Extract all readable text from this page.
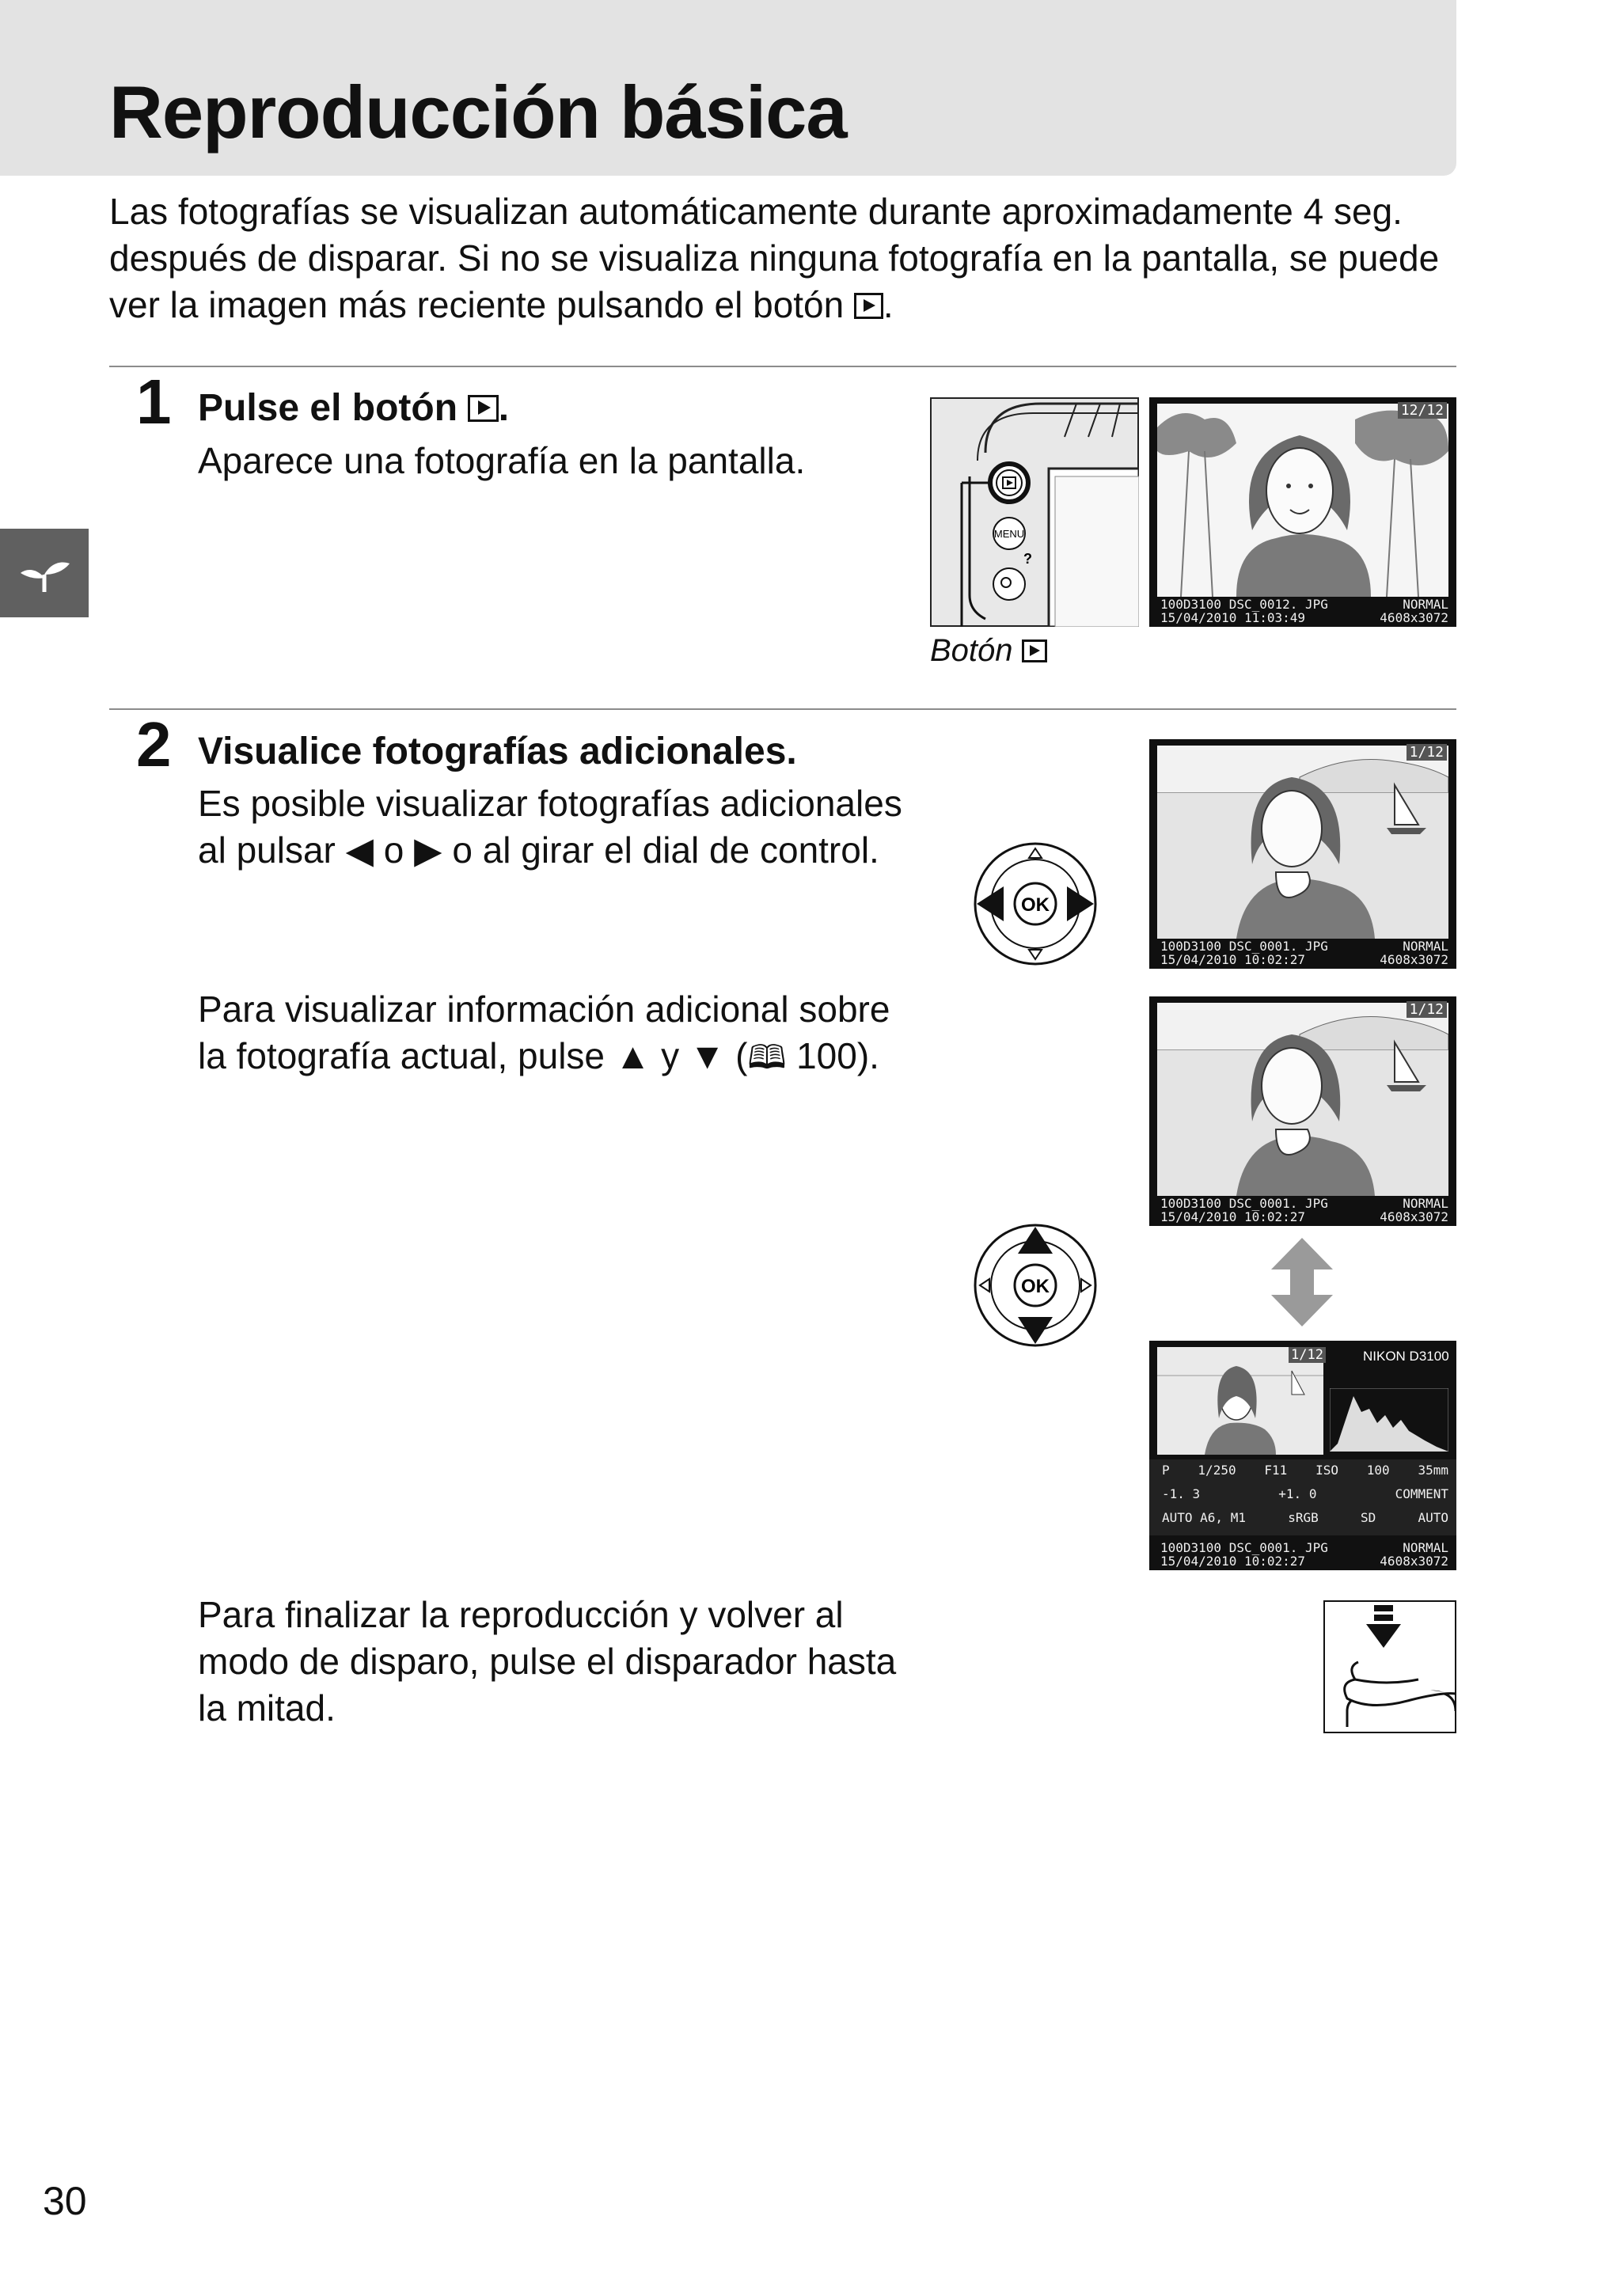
Reproducción básica
Las fotografías se visualizan automáticamente durante aproximadamente 4 seg. después de disparar. Si no se visualiza ninguna fotografía en la pantalla, se puede ver la imagen más reciente pulsando el botón .
1 Pulse el botón .
Aparece una fotografía en la pantalla.
MENU
?
Botón
12/12
100D3100 DSC_0012. JPG	NORMAL
15/04/2010 11:03:49	4608x3072
2 Visualice fotografías adicionales.
Es posible visualizar fotografías adicionales al pulsar ◀ o ▶ o al girar el dial de control.
Para visualizar información adicional sobre la fotografía actual, pulse ▲ y ▼ (🕮 100).
Para finalizar la reproducción y volver al modo de disparo, pulse el disparador hasta la mitad.
OK
1/12
100D3100 DSC_0001. JPG	NORMAL
15/04/2010 10:02:27	4608x3072
1/12
100D3100 DSC_0001. JPG	NORMAL
15/04/2010 10:02:27	4608x3072
OK
1/12	NIKON D3100
P 1/250 F11 ISO 100 35mm
-1. 3	+1. 0	COMMENT
AUTO A6, M1	sRGB	SD	AUTO
100D3100 DSC_0001. JPG	NORMAL
15/04/2010 10:02:27	4608x3072
30
